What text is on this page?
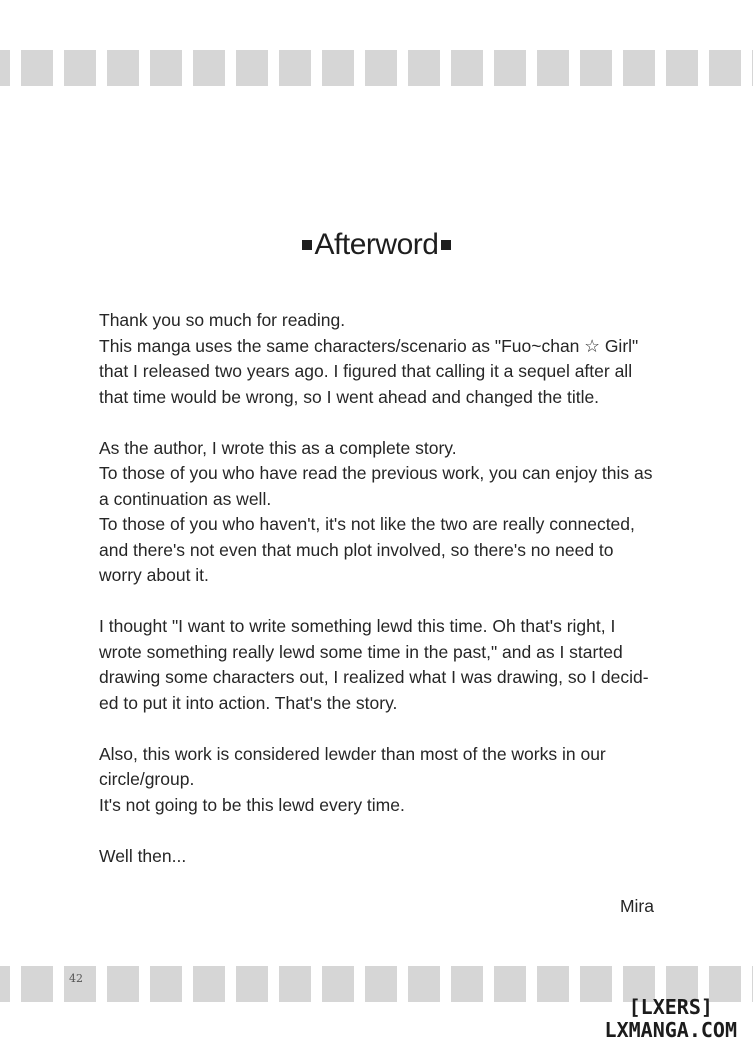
Afterword
Thank you so much for reading.
This manga uses the same characters/scenario as "Fuo~chan ☆ Girl"
that I released two years ago. I figured that calling it a sequel after all
that time would be wrong, so I went ahead and changed the title.
As the author, I wrote this as a complete story.
To those of you who have read the previous work, you can enjoy this as
a continuation as well.
To those of you who haven't, it's not like the two are really connected,
and there's not even that much plot involved, so there's no need to
worry about it.
I thought "I want to write something lewd this time. Oh that's right, I
wrote something really lewd some time in the past," and as I started
drawing some characters out, I realized what I was drawing, so I decid-
ed to put it into action. That's the story.
Also, this work is considered lewder than most of the works in our
circle/group.
It's not going to be this lewd every time.
Well then...
Mira
42
[LXERS]
LXMANGA.COM
